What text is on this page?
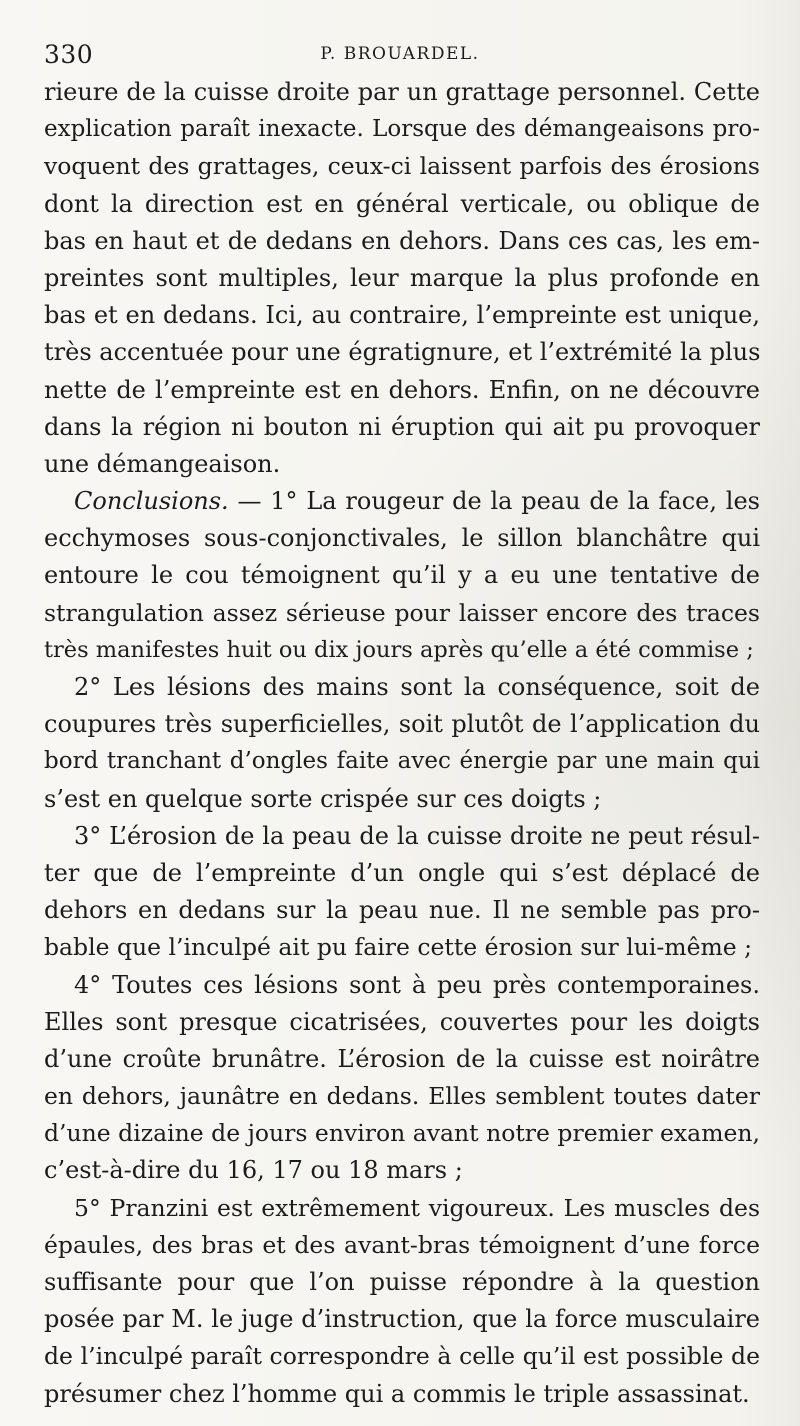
330	P. BROUARDEL.
rieure de la cuisse droite par un grattage personnel. Cette
explication paraît inexacte. Lorsque des démangeaisons pro-
voquent des grattages, ceux-ci laissent parfois des érosions
dont la direction est en général verticale, ou oblique de
bas en haut et de dedans en dehors. Dans ces cas, les em-
preintes sont multiples, leur marque la plus profonde en
bas et en dedans. Ici, au contraire, l’empreinte est unique,
très accentuée pour une égratignure, et l’extrémité la plus
nette de l’empreinte est en dehors. Enfin, on ne découvre
dans la région ni bouton ni éruption qui ait pu provoquer
une démangeaison.
Conclusions. — 1° La rougeur de la peau de la face, les
ecchymoses sous-conjonctivales, le sillon blanchâtre qui
entoure le cou témoignent qu’il y a eu une tentative de
strangulation assez sérieuse pour laisser encore des traces
très manifestes huit ou dix jours après qu’elle a été commise ;
2° Les lésions des mains sont la conséquence, soit de
coupures très superficielles, soit plutôt de l’application du
bord tranchant d’ongles faite avec énergie par une main qui
s’est en quelque sorte crispée sur ces doigts ;
3° L’érosion de la peau de la cuisse droite ne peut résul-
ter que de l’empreinte d’un ongle qui s’est déplacé de
dehors en dedans sur la peau nue. Il ne semble pas pro-
bable que l’inculpé ait pu faire cette érosion sur lui-même ;
4° Toutes ces lésions sont à peu près contemporaines.
Elles sont presque cicatrisées, couvertes pour les doigts
d’une croûte brunâtre. L’érosion de la cuisse est noirâtre
en dehors, jaunâtre en dedans. Elles semblent toutes dater
d’une dizaine de jours environ avant notre premier examen,
c’est-à-dire du 16, 17 ou 18 mars ;
5° Pranzini est extrêmement vigoureux. Les muscles des
épaules, des bras et des avant-bras témoignent d’une force
suffisante pour que l’on puisse répondre à la question
posée par M. le juge d’instruction, que la force musculaire
de l’inculpé paraît correspondre à celle qu’il est possible de
présumer chez l’homme qui a commis le triple assassinat.
